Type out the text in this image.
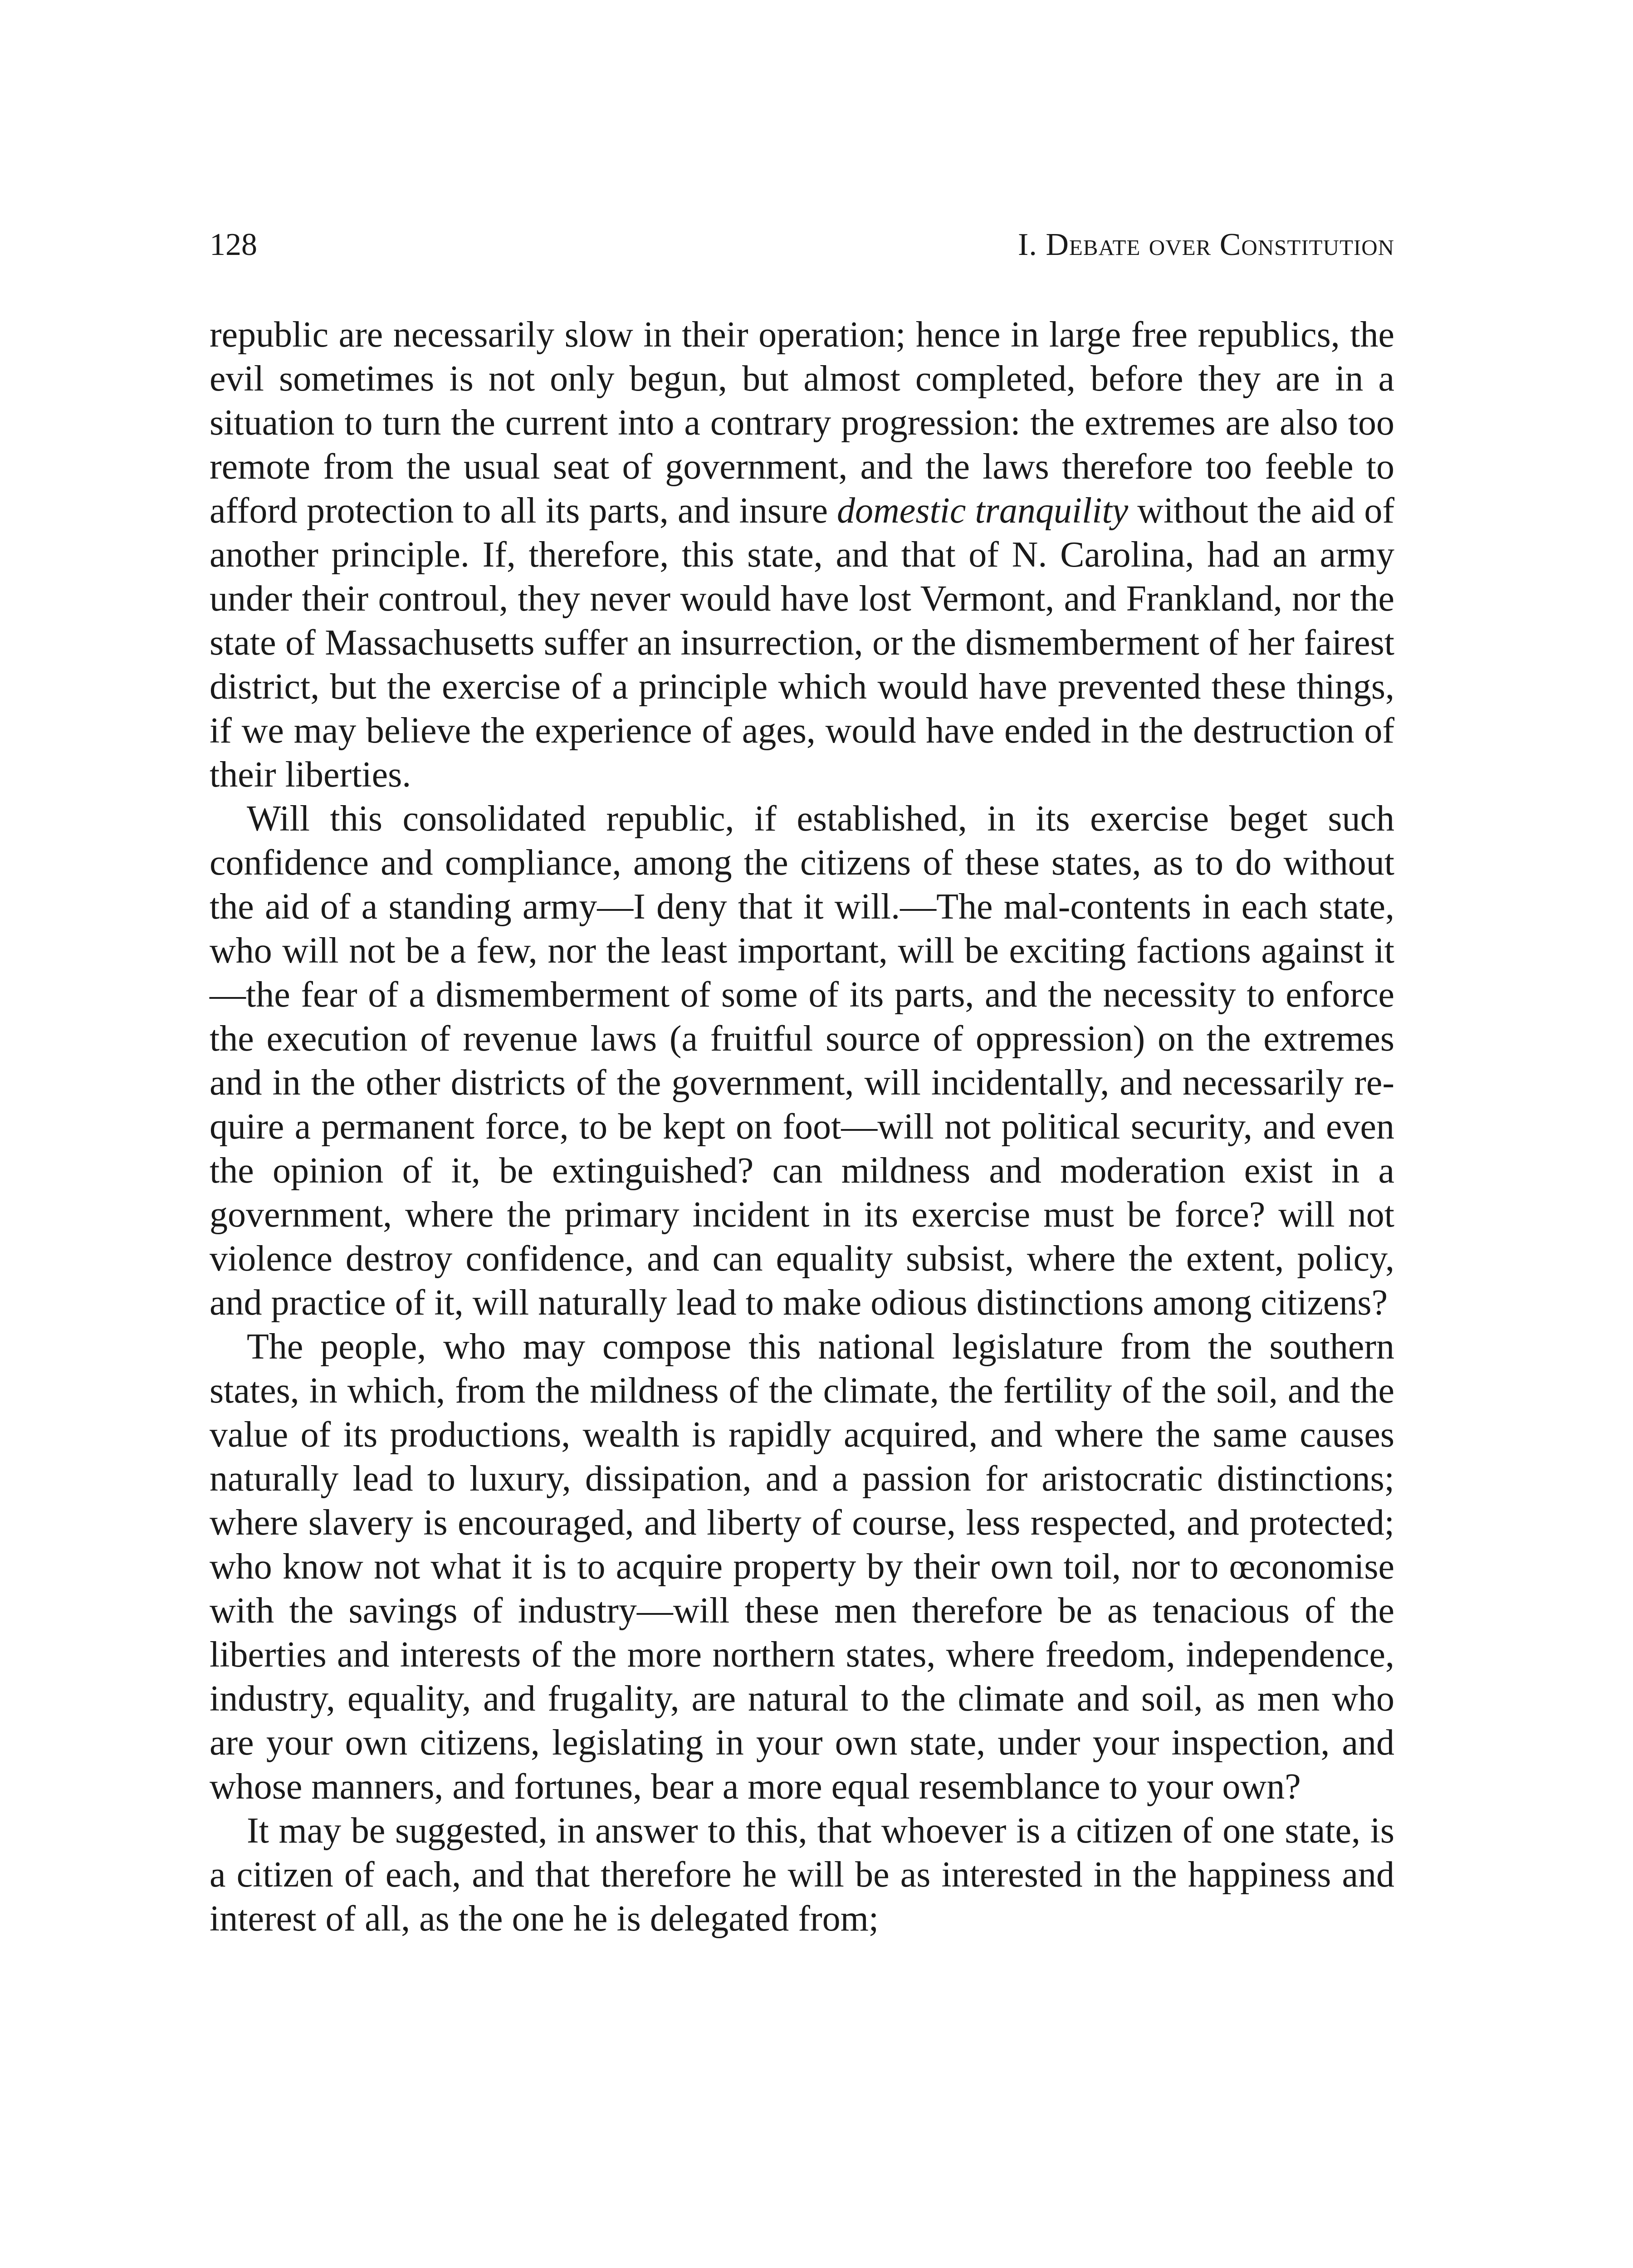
128	I. Debate over Constitution

republic are necessarily slow in their operation; hence in large free republics, the evil sometimes is not only begun, but almost completed, before they are in a situation to turn the current into a contrary progression: the extremes are also too remote from the usual seat of government, and the laws therefore too feeble to afford protection to all its parts, and insure domestic tranquility without the aid of another principle. If, therefore, this state, and that of N. Carolina, had an army under their controul, they never would have lost Vermont, and Frankland, nor the state of Massachusetts suffer an insurrection, or the dismemberment of her fairest district, but the exercise of a principle which would have prevented these things, if we may believe the experience of ages, would have ended in the destruction of their liberties.

Will this consolidated republic, if established, in its exercise beget such confidence and compliance, among the citizens of these states, as to do without the aid of a standing army—I deny that it will.—The mal-contents in each state, who will not be a few, nor the least important, will be exciting factions against it—the fear of a dismemberment of some of its parts, and the necessity to enforce the execution of revenue laws (a fruitful source of oppression) on the extremes and in the other districts of the government, will incidentally, and necessarily require a permanent force, to be kept on foot—will not political security, and even the opinion of it, be extinguished? can mildness and moderation exist in a government, where the primary incident in its exercise must be force? will not violence destroy confidence, and can equality subsist, where the extent, policy, and practice of it, will naturally lead to make odious distinctions among citizens?

The people, who may compose this national legislature from the southern states, in which, from the mildness of the climate, the fertility of the soil, and the value of its productions, wealth is rapidly acquired, and where the same causes naturally lead to luxury, dissipation, and a passion for aristocratic distinctions; where slavery is encouraged, and liberty of course, less respected, and protected; who know not what it is to acquire property by their own toil, nor to œconomise with the savings of industry—will these men therefore be as tenacious of the liberties and interests of the more northern states, where freedom, independence, industry, equality, and frugality, are natural to the climate and soil, as men who are your own citizens, legislating in your own state, under your inspection, and whose manners, and fortunes, bear a more equal resemblance to your own?

It may be suggested, in answer to this, that whoever is a citizen of one state, is a citizen of each, and that therefore he will be as interested in the happiness and interest of all, as the one he is delegated from;
